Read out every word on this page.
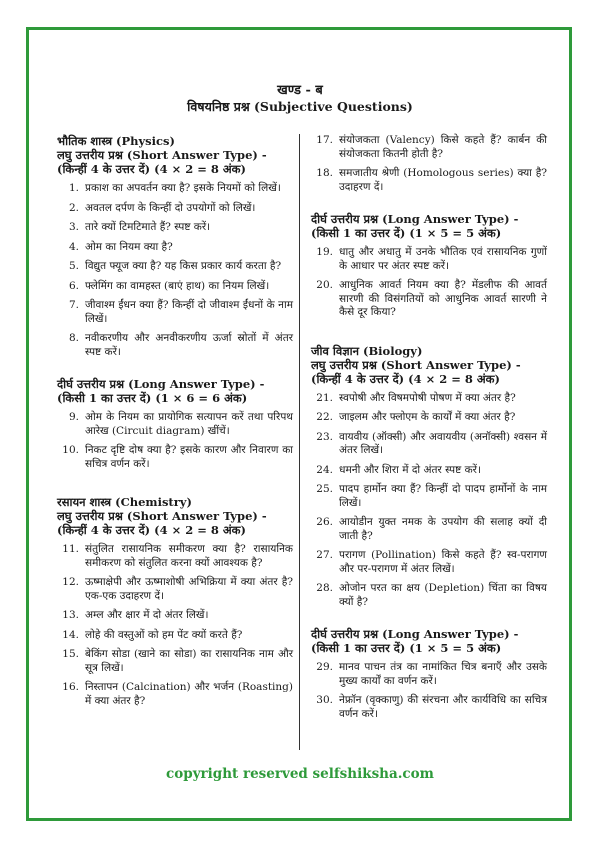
खण्ड - ब
विषयनिष्ठ प्रश्न (Subjective Questions)
भौतिक शास्त्र (Physics)
लघु उत्तरीय प्रश्न (Short Answer Type) - (किन्हीं 4 के उत्तर दें) (4 × 2 = 8 अंक)
1. प्रकाश का अपवर्तन क्या है? इसके नियमों को लिखें।
2. अवतल दर्पण के किन्हीं दो उपयोगों को लिखें।
3. तारे क्यों टिमटिमाते हैं? स्पष्ट करें।
4. ओम का नियम क्या है?
5. विद्युत फ्यूज क्या है? यह किस प्रकार कार्य करता है?
6. फ्लेमिंग का वामहस्त (बाएं हाथ) का नियम लिखें।
7. जीवाश्म ईंधन क्या हैं? किन्हीं दो जीवाश्म ईंधनों के नाम लिखें।
8. नवीकरणीय और अनवीकरणीय ऊर्जा स्रोतों में अंतर स्पष्ट करें।
दीर्घ उत्तरीय प्रश्न (Long Answer Type) - (किसी 1 का उत्तर दें) (1 × 6 = 6 अंक)
9. ओम के नियम का प्रायोगिक सत्यापन करें तथा परिपथ आरेख (Circuit diagram) खींचें।
10. निकट दृष्टि दोष क्या है? इसके कारण और निवारण का सचित्र वर्णन करें।
रसायन शास्त्र (Chemistry)
लघु उत्तरीय प्रश्न (Short Answer Type) - (किन्हीं 4 के उत्तर दें) (4 × 2 = 8 अंक)
11. संतुलित रासायनिक समीकरण क्या है? रासायनिक समीकरण को संतुलित करना क्यों आवश्यक है?
12. ऊष्माक्षेपी और ऊष्माशोषी अभिक्रिया में क्या अंतर है? एक-एक उदाहरण दें।
13. अम्ल और क्षार में दो अंतर लिखें।
14. लोहे की वस्तुओं को हम पेंट क्यों करते हैं?
15. बेकिंग सोडा (खाने का सोडा) का रासायनिक नाम और सूत्र लिखें।
16. निस्तापन (Calcination) और भर्जन (Roasting) में क्या अंतर है?
17. संयोजकता (Valency) किसे कहते हैं? कार्बन की संयोजकता कितनी होती है?
18. समजातीय श्रेणी (Homologous series) क्या है? उदाहरण दें।
दीर्घ उत्तरीय प्रश्न (Long Answer Type) - (किसी 1 का उत्तर दें) (1 × 5 = 5 अंक)
19. धातु और अधातु में उनके भौतिक एवं रासायनिक गुणों के आधार पर अंतर स्पष्ट करें।
20. आधुनिक आवर्त नियम क्या है? मेंडलीफ की आवर्त सारणी की विसंगतियों को आधुनिक आवर्त सारणी ने कैसे दूर किया?
जीव विज्ञान (Biology)
लघु उत्तरीय प्रश्न (Short Answer Type) - (किन्हीं 4 के उत्तर दें) (4 × 2 = 8 अंक)
21. स्वपोषी और विषमपोषी पोषण में क्या अंतर है?
22. जाइलम और फ्लोएम के कार्यों में क्या अंतर है?
23. वायवीय (ऑक्सी) और अवायवीय (अनॉक्सी) श्वसन में अंतर लिखें।
24. धमनी और शिरा में दो अंतर स्पष्ट करें।
25. पादप हार्मोन क्या हैं? किन्हीं दो पादप हार्मोनों के नाम लिखें।
26. आयोडीन युक्त नमक के उपयोग की सलाह क्यों दी जाती है?
27. परागण (Pollination) किसे कहते हैं? स्व-परागण और पर-परागण में अंतर लिखें।
28. ओजोन परत का क्षय (Depletion) चिंता का विषय क्यों है?
दीर्घ उत्तरीय प्रश्न (Long Answer Type) - (किसी 1 का उत्तर दें) (1 × 5 = 5 अंक)
29. मानव पाचन तंत्र का नामांकित चित्र बनाएँ और उसके मुख्य कार्यों का वर्णन करें।
30. नेफ्रॉन (वृक्काणु) की संरचना और कार्यविधि का सचित्र वर्णन करें।
copyright reserved selfshiksha.com
